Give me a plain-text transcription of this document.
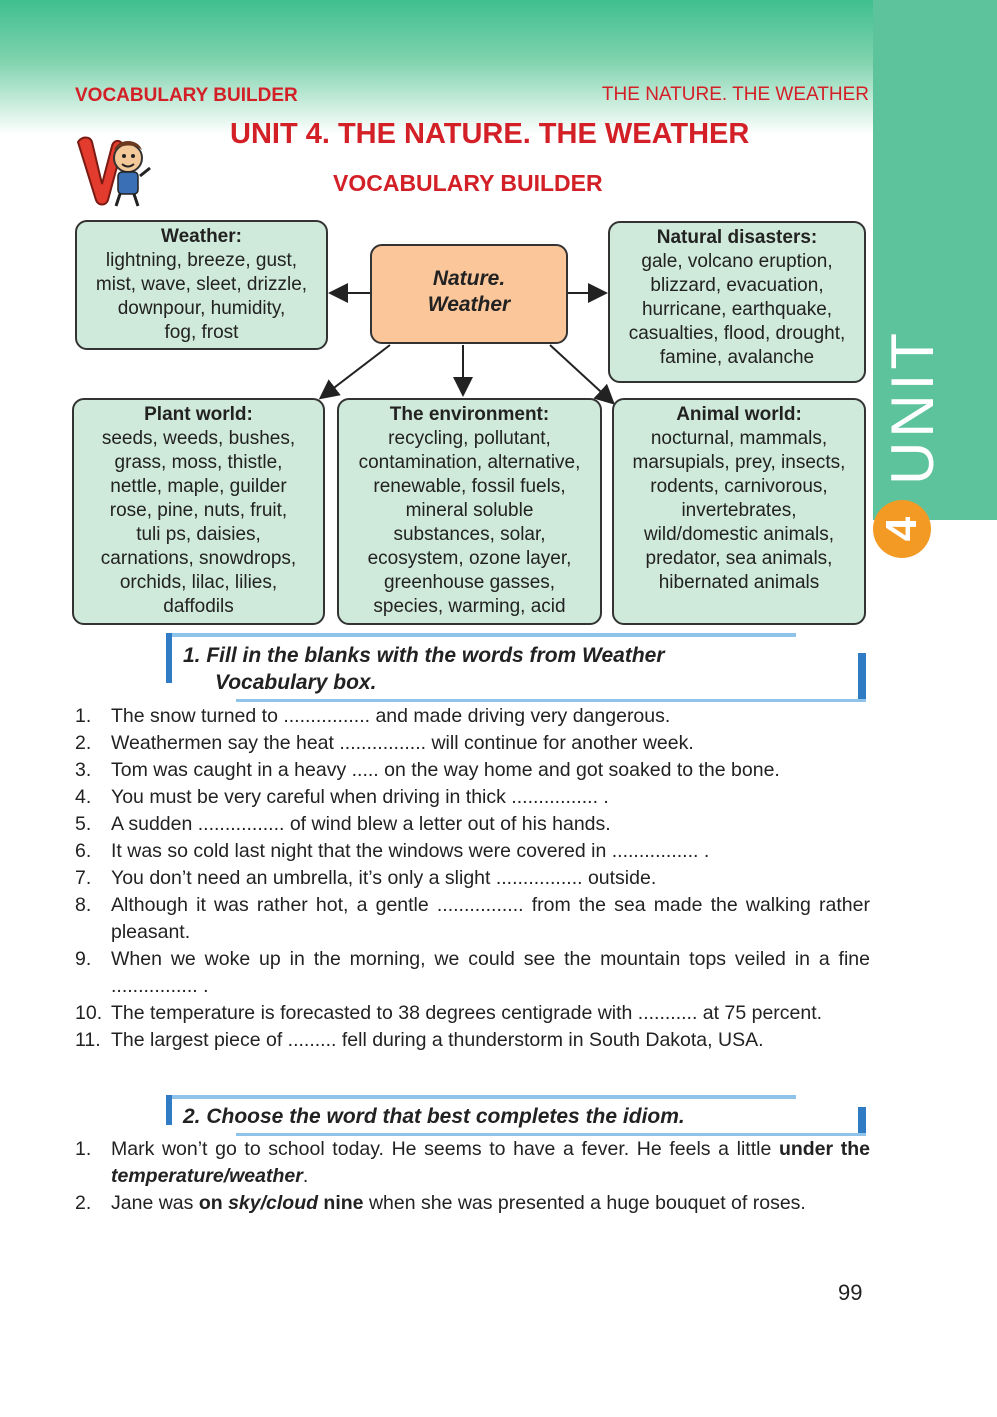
UNIT
4
VOCABULARY BUILDER	THE NATURE. THE WEATHER
UNIT 4. THE NATURE. THE WEATHER
VOCABULARY BUILDER
Nature.
Weather
Weather:
lightning, breeze, gust,
mist, wave, sleet, drizzle,
downpour, humidity,
fog, frost
Natural disasters:
gale, volcano eruption,
blizzard, evacuation,
hurricane, earthquake,
casualties, flood, drought,
famine, avalanche
Plant world:
seeds, weeds, bushes,
grass, moss, thistle,
nettle, maple, guilder
rose, pine, nuts, fruit,
tuli ps, daisies,
carnations, snowdrops,
orchids, lilac, lilies,
daffodils
The environment:
recycling, pollutant,
contamination, alternative,
renewable, fossil fuels,
mineral soluble
substances, solar,
ecosystem, ozone layer,
greenhouse gasses,
species, warming, acid
Animal world:
nocturnal, mammals,
marsupials, prey, insects,
rodents, carnivorous,
invertebrates,
wild/domestic animals,
predator, sea animals,
hibernated animals
1. Fill in the blanks with the words from Weather
Vocabulary box.
1. The snow turned to ................ and made driving very dangerous.
2. Weathermen say the heat ................ will continue for another week.
3. Tom was caught in a heavy ..... on the way home and got soaked to the bone.
4. You must be very careful when driving in thick ................ .
5. A sudden ................ of wind blew a letter out of his hands.
6. It was so cold last night that the windows were covered in ................ .
7. You don’t need an umbrella, it’s only a slight ................ outside.
8. Although it was rather hot, a gentle ................ from the sea made the walking rather pleasant.
9. When we woke up in the morning, we could see the mountain tops veiled in a fine ................ .
10. The temperature is forecasted to 38 degrees centigrade with ........... at 75 percent.
11. The largest piece of ......... fell during a thunderstorm in South Dakota, USA.
2. Choose the word that best completes the idiom.
1. Mark won’t go to school today. He seems to have a fever. He feels a little under the temperature/weather.
2. Jane was on sky/cloud nine when she was presented a huge bouquet of roses.
99
